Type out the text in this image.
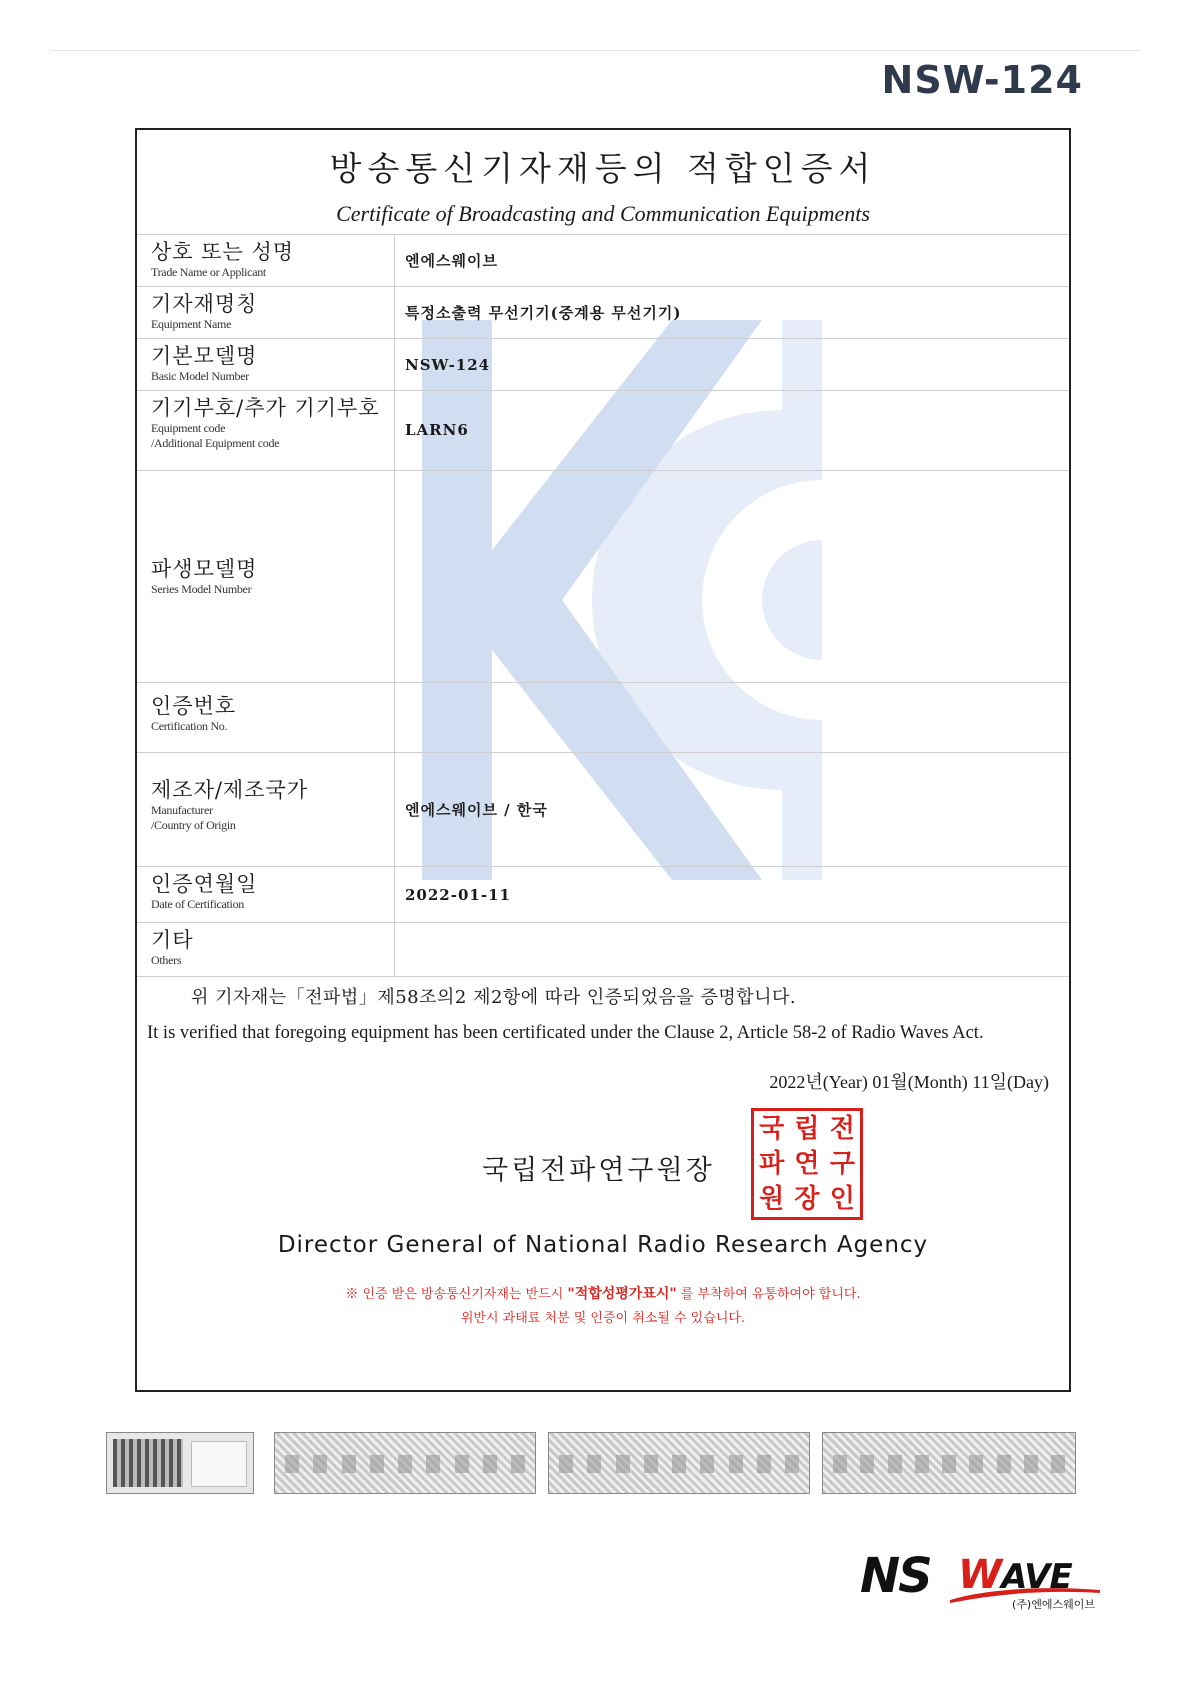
NSW-124
방송통신기자재등의 적합인증서
Certificate of Broadcasting and Communication Equipments
상호 또는 성명
Trade Name or Applicant
엔에스웨이브
기자재명칭
Equipment Name
특정소출력 무선기기(중계용 무선기기)
기본모델명
Basic Model Number
NSW-124
기기부호/추가 기기부호
Equipment code
/Additional Equipment code
LARN6
파생모델명
Series Model Number
인증번호
Certification No.
제조자/제조국가
Manufacturer
/Country of Origin
엔에스웨이브 / 한국
인증연월일
Date of Certification
2022-01-11
기타
Others
위 기자재는「전파법」제58조의2 제2항에 따라 인증되었음을 증명합니다.
It is verified that foregoing equipment has been certificated under the Clause 2, Article 58-2 of Radio Waves Act.
2022년(Year) 01월(Month) 11일(Day)
국립전파연구원장
국 립 전
파 연 구
원 장 인
Director General of National Radio Research Agency
※ 인증 받은 방송통신기자재는 반드시 "적합성평가표시" 를 부착하여 유통하여야 합니다.
위반시 과태료 처분 및 인증이 취소될 수 있습니다.
NS WAVE
(주)엔에스웨이브
